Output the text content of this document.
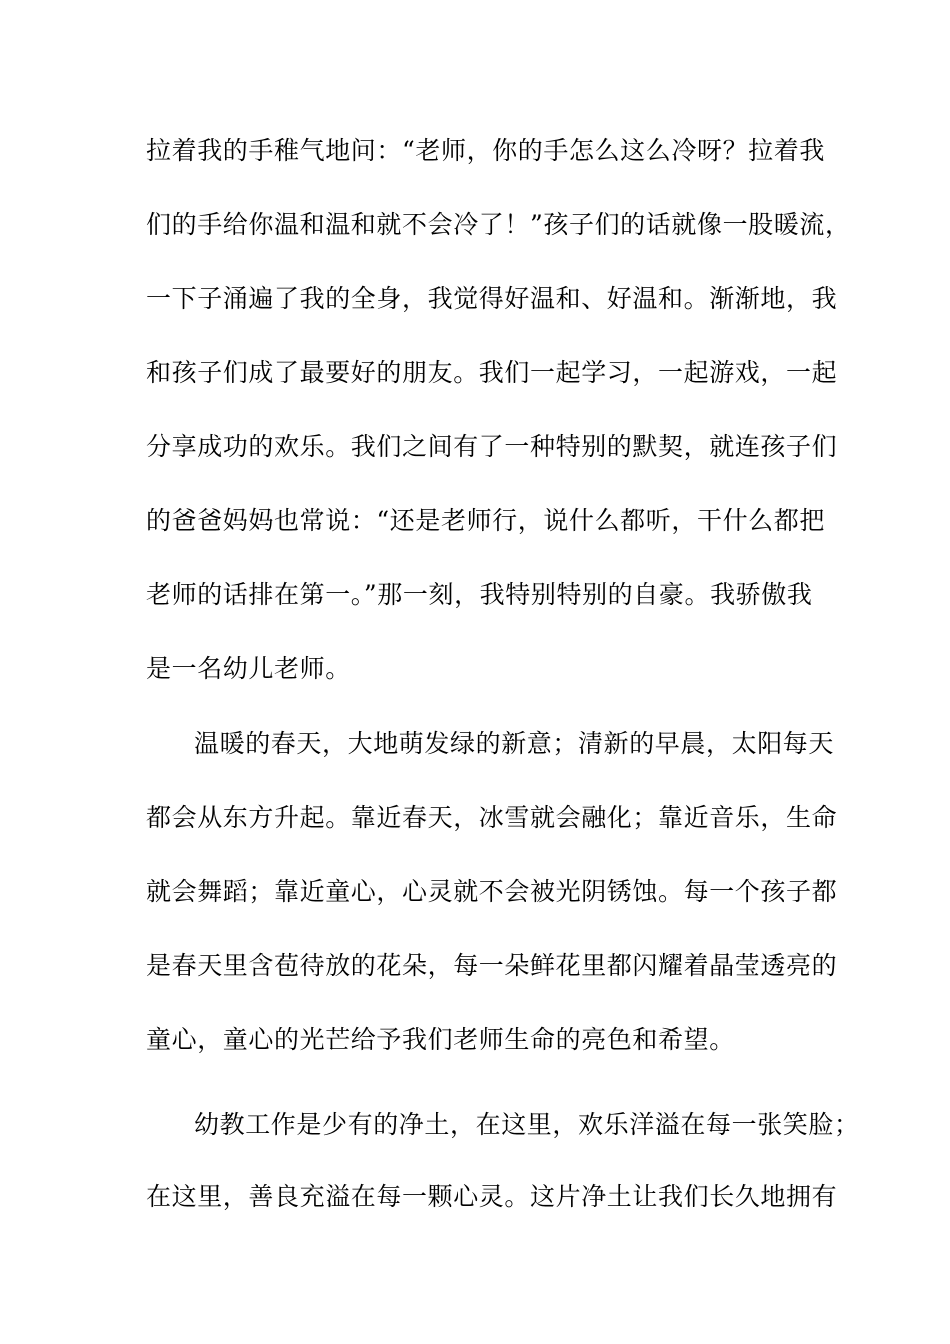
拉着我的手稚气地问：“老师，你的手怎么这么冷呀？拉着我
们的手给你温和温和就不会冷了！”孩子们的话就像一股暖流，
一下子涌遍了我的全身，我觉得好温和、好温和。渐渐地，我
和孩子们成了最要好的朋友。我们一起学习，一起游戏，一起
分享成功的欢乐。我们之间有了一种特别的默契，就连孩子们
的爸爸妈妈也常说：“还是老师行，说什么都听，干什么都把
老师的话排在第一。”那一刻，我特别特别的自豪。我骄傲我
是一名幼儿老师。
温暖的春天，大地萌发绿的新意；清新的早晨，太阳每天
都会从东方升起。靠近春天，冰雪就会融化；靠近音乐，生命
就会舞蹈；靠近童心，心灵就不会被光阴锈蚀。每一个孩子都
是春天里含苞待放的花朵，每一朵鲜花里都闪耀着晶莹透亮的
童心，童心的光芒给予我们老师生命的亮色和希望。
幼教工作是少有的净土，在这里，欢乐洋溢在每一张笑脸；
在这里，善良充溢在每一颗心灵。这片净土让我们长久地拥有
